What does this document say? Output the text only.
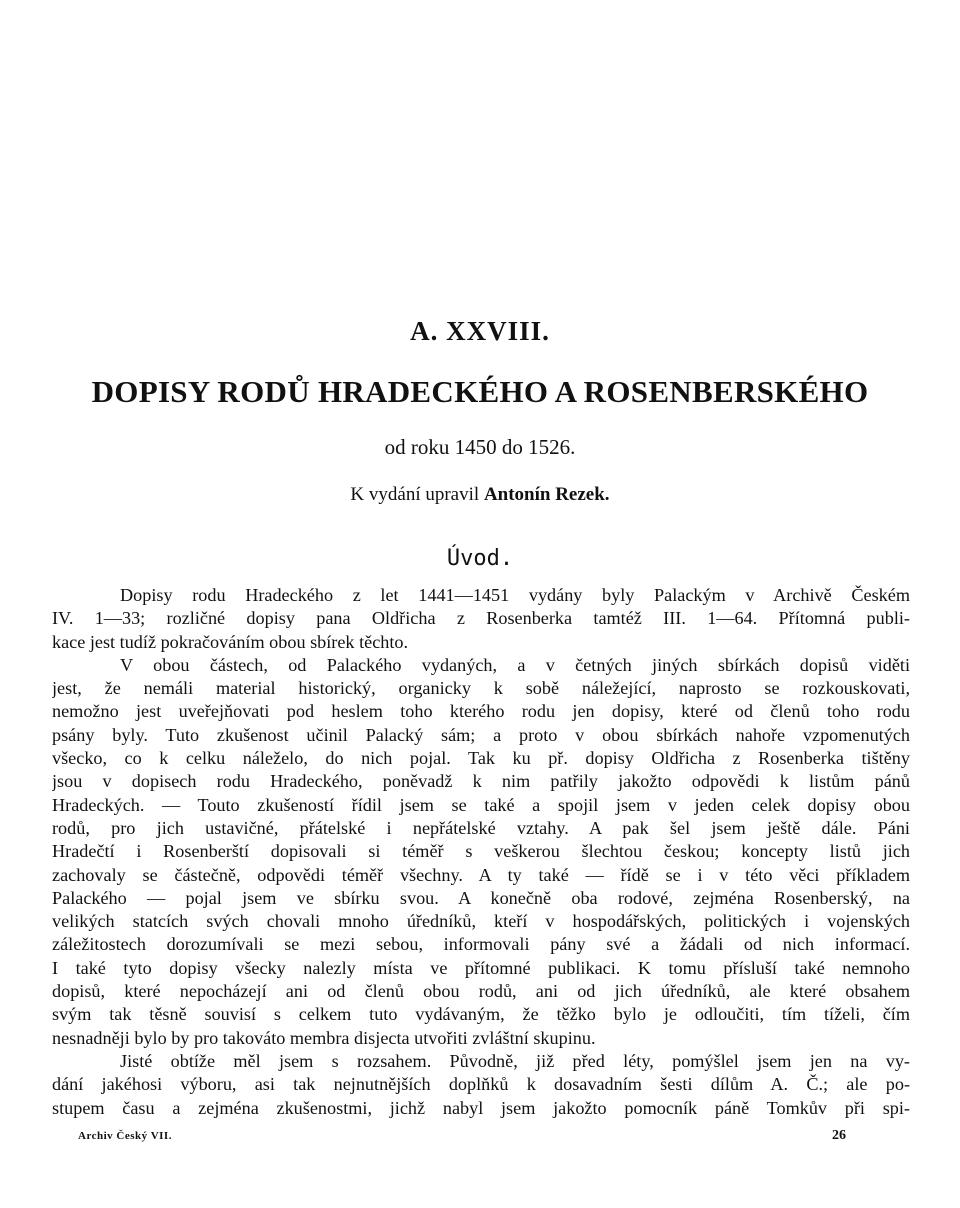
A. XXVIII.
DOPISY RODŮ HRADECKÉHO A ROSENBERSKÉHO
od roku 1450 do 1526.
K vydání upravil Antonín Rezek.
Úvod.
Dopisy rodu Hradeckého z let 1441—1451 vydány byly Palackým v Archivě Českém
IV. 1—33; rozličné dopisy pana Oldřicha z Rosenberka tamtéž III. 1—64. Přítomná publi-
kace jest tudíž pokračováním obou sbírek těchto.
V obou částech, od Palackého vydaných, a v četných jiných sbírkách dopisů viděti
jest, že nemáli material historický, organicky k sobě náležející, naprosto se rozkouskovati,
nemožno jest uveřejňovati pod heslem toho kterého rodu jen dopisy, které od členů toho rodu
psány byly. Tuto zkušenost učinil Palacký sám; a proto v obou sbírkách nahoře vzpomenutých
všecko, co k celku náleželo, do nich pojal. Tak ku př. dopisy Oldřicha z Rosenberka tištěny
jsou v dopisech rodu Hradeckého, poněvadž k nim patřily jakožto odpovědi k listům pánů
Hradeckých. — Touto zkušeností řídil jsem se také a spojil jsem v jeden celek dopisy obou
rodů, pro jich ustavičné, přátelské i nepřátelské vztahy. A pak šel jsem ještě dále. Páni
Hradečtí i Rosenberští dopisovali si téměř s veškerou šlechtou českou; koncepty listů jich
zachovaly se částečně, odpovědi téměř všechny. A ty také — řídě se i v této věci příkladem
Palackého — pojal jsem ve sbírku svou. A konečně oba rodové, zejména Rosenberský, na
velikých statcích svých chovali mnoho úředníků, kteří v hospodářských, politických i vojenských
záležitostech dorozumívali se mezi sebou, informovali pány své a žádali od nich informací.
I také tyto dopisy všecky nalezly místa ve přítomné publikaci. K tomu přísluší také nemnoho
dopisů, které nepocházejí ani od členů obou rodů, ani od jich úředníků, ale které obsahem
svým tak těsně souvisí s celkem tuto vydávaným, že těžko bylo je odloučiti, tím tíželi, čím
nesnadněji bylo by pro takováto membra disjecta utvořiti zvláštní skupinu.
Jisté obtíže měl jsem s rozsahem. Původně, již před léty, pomýšlel jsem jen na vy-
dání jakéhosi výboru, asi tak nejnutnějších doplňků k dosavadním šesti dílům A. Č.; ale po-
stupem času a zejména zkušenostmi, jichž nabyl jsem jakožto pomocník páně Tomkův při spi-
Archiv Český VII.	26
